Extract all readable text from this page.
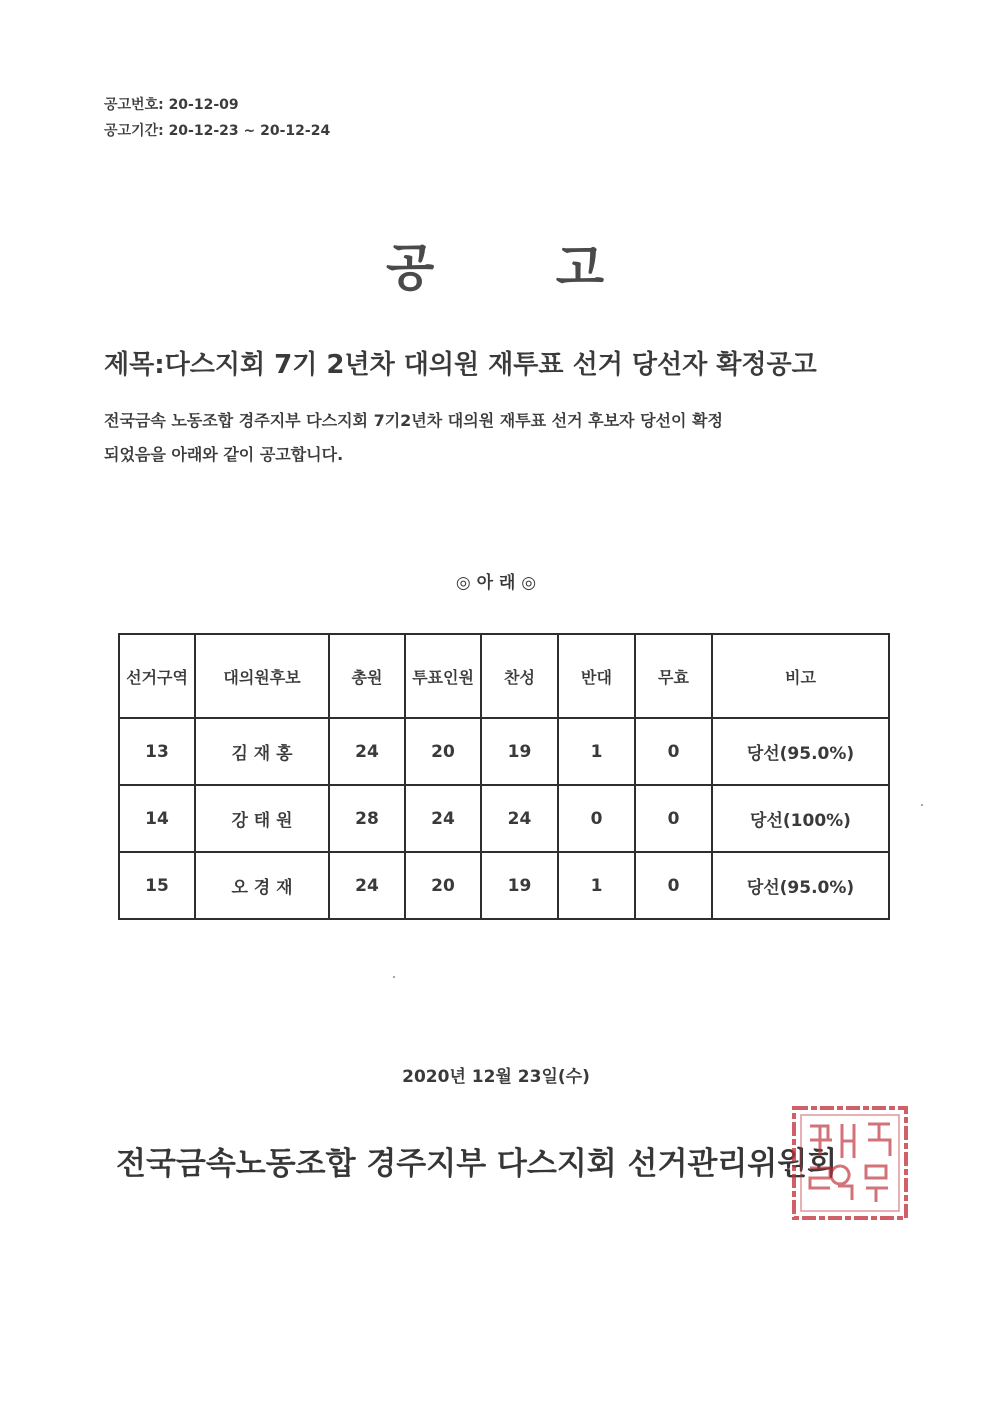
공고번호: 20-12-09
공고기간: 20-12-23 ~ 20-12-24
공 고
제목:다스지회 7기 2년차 대의원 재투표 선거 당선자 확정공고
전국금속 노동조합 경주지부 다스지회 7기2년차 대의원 재투표 선거 후보자 당선이 확정
되었음을 아래와 같이 공고합니다.
◎ 아 래 ◎
선거구역	대의원후보	총원	투표인원	찬성	반대	무효	비고
13	김 재 홍	24	20	19	1	0	당선(95.0%)
14	강 태 원	28	24	24	0	0	당선(100%)
15	오 경 재	24	20	19	1	0	당선(95.0%)
2020년 12월 23일(수)
전국금속노동조합 경주지부 다스지회 선거관리위원회
